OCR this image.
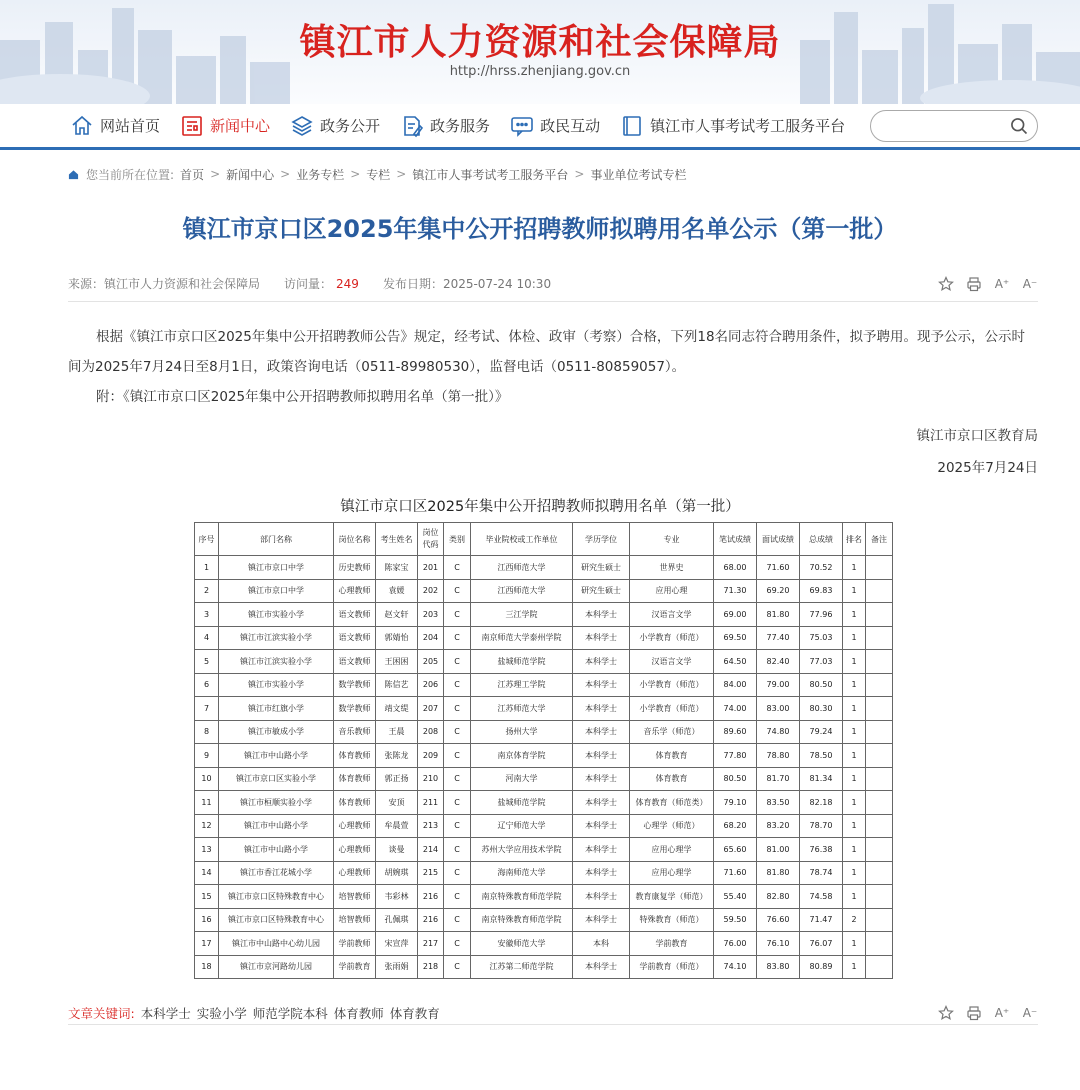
镇江市人力资源和社会保障局
http://hrss.zhenjiang.gov.cn
网站首页	新闻中心	政务公开	政务服务	政民互动	镇江市人事考试考工服务平台
您当前所在位置: 首页 > 新闻中心 > 业务专栏 > 专栏 > 镇江市人事考试考工服务平台 > 事业单位考试专栏
镇江市京口区2025年集中公开招聘教师拟聘用名单公示（第一批）
来源：镇江市人力资源和社会保障局 访问量： 249 发布日期：2025-07-24 10:30	A⁺ A⁻

根据《镇江市京口区2025年集中公开招聘教师公告》规定，经考试、体检、政审（考察）合格，下列18名同志符合聘用条件，拟予聘用。现予公示，公示时间为2025年7月24日至8月1日，政策咨询电话（0511-89980530），监督电话（0511-80859057）。

附：《镇江市京口区2025年集中公开招聘教师拟聘用名单（第一批）》

镇江市京口区教育局
2025年7月24日
镇江市京口区2025年集中公开招聘教师拟聘用名单（第一批）
序号	部门名称	岗位名称	考生姓名	岗位代码	类别	毕业院校或工作单位	学历学位	专业	笔试成绩	面试成绩	总成绩	排名	备注
1	镇江市京口中学	历史教师	陈家宝	201	C	江西师范大学	研究生硕士	世界史	68.00	71.60	70.52	1	
2	镇江市京口中学	心理教师	袁媛	202	C	江西师范大学	研究生硕士	应用心理	71.30	69.20	69.83	1	
3	镇江市实验小学	语文教师	赵文轩	203	C	三江学院	本科学士	汉语言文学	69.00	81.80	77.96	1	
4	镇江市江滨实验小学	语文教师	郭婧怡	204	C	南京师范大学泰州学院	本科学士	小学教育（师范）	69.50	77.40	75.03	1	
5	镇江市江滨实验小学	语文教师	王困困	205	C	盐城师范学院	本科学士	汉语言文学	64.50	82.40	77.03	1	
6	镇江市实验小学	数学教师	陈信艺	206	C	江苏理工学院	本科学士	小学教育（师范）	84.00	79.00	80.50	1	
7	镇江市红旗小学	数学教师	靖文缇	207	C	江苏师范大学	本科学士	小学教育（师范）	74.00	83.00	80.30	1	
8	镇江市敏成小学	音乐教师	王晨	208	C	扬州大学	本科学士	音乐学（师范）	89.60	74.80	79.24	1	
9	镇江市中山路小学	体育教师	张陈龙	209	C	南京体育学院	本科学士	体育教育	77.80	78.80	78.50	1	
10	镇江市京口区实验小学	体育教师	郭正扬	210	C	河南大学	本科学士	体育教育	80.50	81.70	81.34	1	
11	镇江市桓顺实验小学	体育教师	安顶	211	C	盐城师范学院	本科学士	体育教育（师范类）	79.10	83.50	82.18	1	
12	镇江市中山路小学	心理教师	牟晨萱	213	C	辽宁师范大学	本科学士	心理学（师范）	68.20	83.20	78.70	1	
13	镇江市中山路小学	心理教师	谈曼	214	C	苏州大学应用技术学院	本科学士	应用心理学	65.60	81.00	76.38	1	
14	镇江市香江花城小学	心理教师	胡婉琪	215	C	海南师范大学	本科学士	应用心理学	71.60	81.80	78.74	1	
15	镇江市京口区特殊教育中心	培智教师	韦彩林	216	C	南京特殊教育师范学院	本科学士	教育康复学（师范）	55.40	82.80	74.58	1	
16	镇江市京口区特殊教育中心	培智教师	孔佩琪	216	C	南京特殊教育师范学院	本科学士	特殊教育（师范）	59.50	76.60	71.47	2	
17	镇江市中山路中心幼儿园	学前教师	宋宣萍	217	C	安徽师范大学	本科	学前教育	76.00	76.10	76.07	1	
18	镇江市京河路幼儿园	学前教育	张雨娟	218	C	江苏第二师范学院	本科学士	学前教育（师范）	74.10	83.80	80.89	1	
文章关键词: 本科学士 实验小学 师范学院本科 体育教师 体育教育	A⁺ A⁻
